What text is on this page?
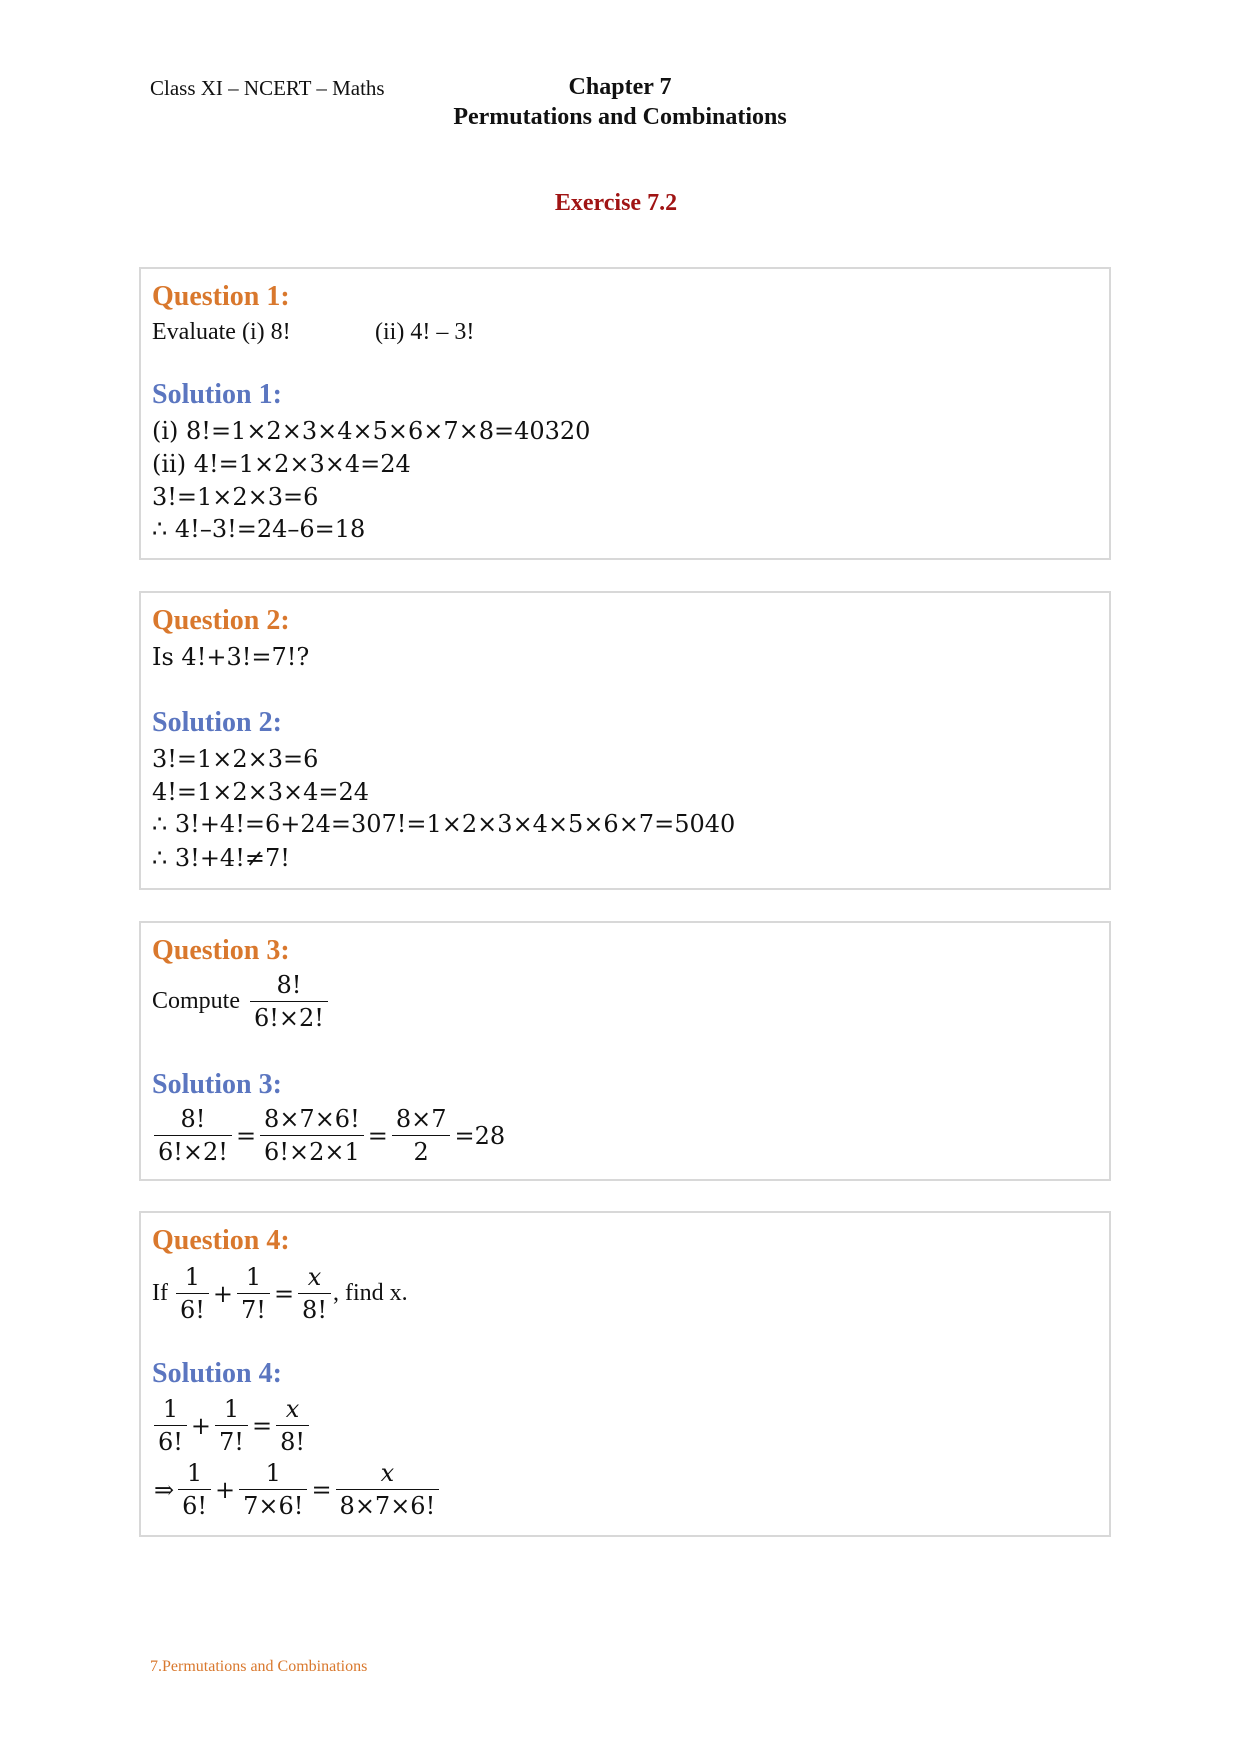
Class XI – NCERT – Maths	Chapter 7
Permutations and Combinations
Exercise 7.2
Question 1:
Evaluate (i) 8!	(ii) 4! – 3!
Solution 1:
(i) 8!=1×2×3×4×5×6×7×8=40320
(ii) 4!=1×2×3×4=24
3!=1×2×3=6
∴ 4!–3!=24–6=18
Question 2:
Is 4!+3!=7!?
Solution 2:
3!=1×2×3=6
4!=1×2×3×4=24
∴ 3!+4!=6+24=307!=1×2×3×4×5×6×7=5040
∴ 3!+4!≠7!
Question 3:
Compute $\frac{8!}{6!\times 2!}$
Solution 3:
$\frac{8!}{6!\times 2!} = \frac{8\times 7\times 6!}{6!\times 2\times 1} = \frac{8\times 7}{2} =28$
Question 4:
If $\frac{1}{6!} + \frac{1}{7!} = \frac{x}{8!}$ , find x.
Solution 4:
$\frac{1}{6!} + \frac{1}{7!} = \frac{x}{8!}$
⇒ $\frac{1}{6!} + \frac{1}{7\times 6!} = \frac{x}{8\times 7\times 6!}$
7.Permutations and Combinations
